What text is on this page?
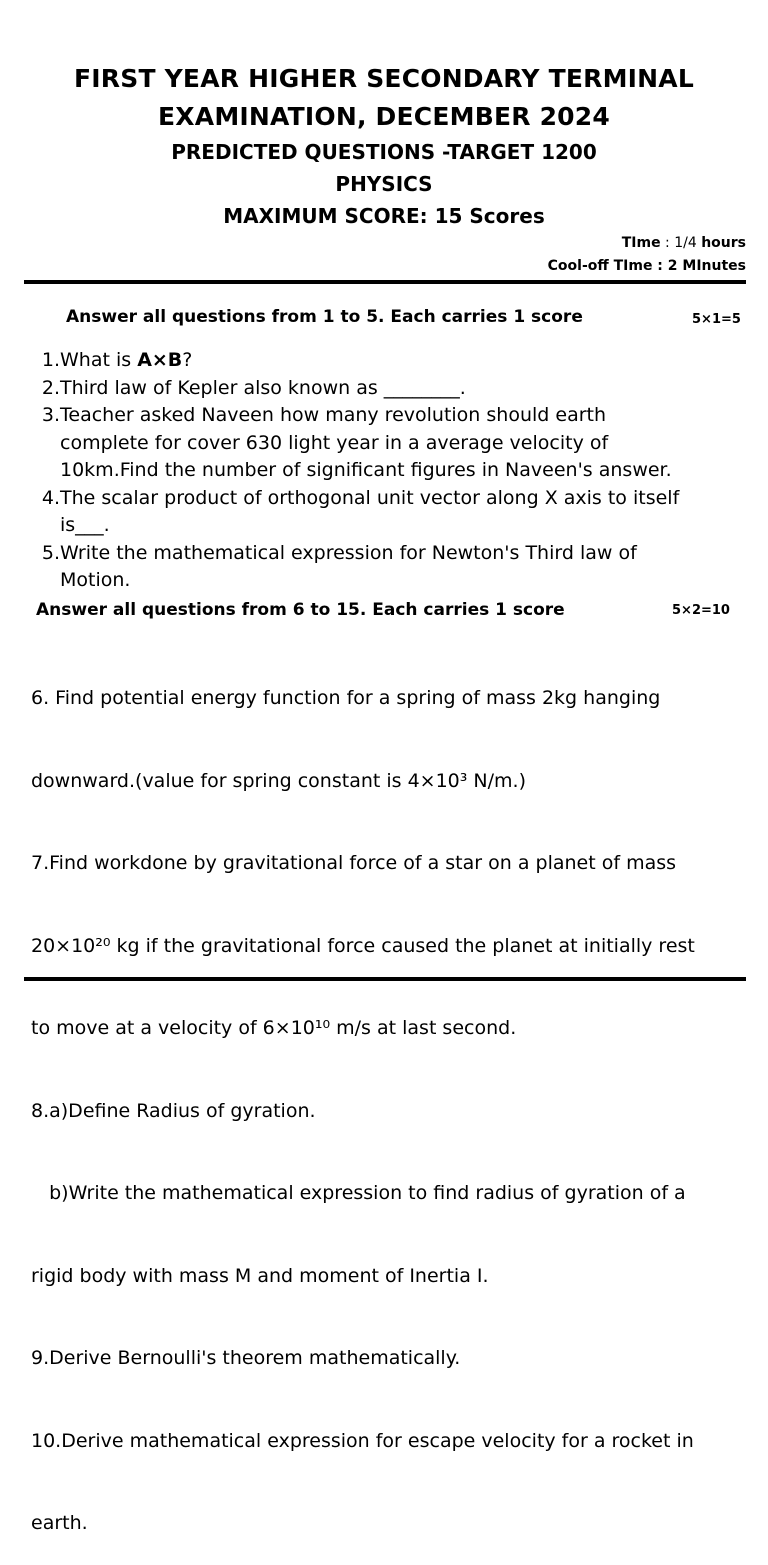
FIRST YEAR HIGHER SECONDARY TERMINAL
EXAMINATION, DECEMBER 2024
PREDICTED QUESTIONS -TARGET 1200
PHYSICS
MAXIMUM SCORE: 15 Scores
TIme : 1/4 hours
Cool-off TIme : 2 MInutes
Answer all questions from 1 to 5. Each carries 1 score	5×1=5
1. What is A×B?
2. Third law of Kepler also known as ________.
3. Teacher asked Naveen how many revolution should earth
complete for cover 630 light year in a average velocity of
10km.Find the number of significant figures in Naveen's answer.
4. The scalar product of orthogonal unit vector along X axis to itself
is___.
5. Write the mathematical expression for Newton's Third law of
Motion.
Answer all questions from 6 to 15. Each carries 1 score	5×2=10

6. Find potential energy function for a spring of mass 2kg hanging

downward.(value for spring constant is 4×10³ N/m.)

7.Find workdone by gravitational force of a star on a planet of mass

20×10²⁰ kg if the gravitational force caused the planet at initially rest

to move at a velocity of 6×10¹⁰ m/s at last second.

8.a)Define Radius of gyration.

b)Write the mathematical expression to find radius of gyration of a

rigid body with mass M and moment of Inertia I.

9.Derive Bernoulli's theorem mathematically.

10.Derive mathematical expression for escape velocity for a rocket in

earth.
